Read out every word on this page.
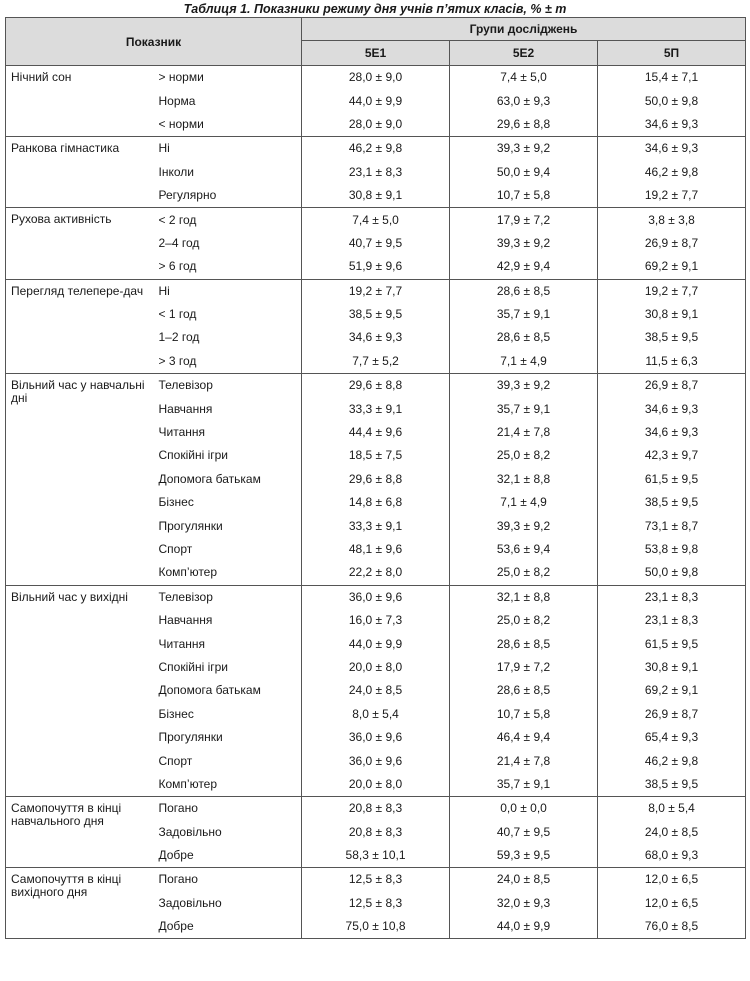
Таблиця 1. Показники режиму дня учнів п’ятих класів, % ± m
Показник		Групи досліджень		
		5Е1	5Е2	5П
Нічний сон	> норми	28,0 ± 9,0	7,4 ± 5,0	15,4 ± 7,1
	Норма	44,0 ± 9,9	63,0 ± 9,3	50,0 ± 9,8
	< норми	28,0 ± 9,0	29,6 ± 8,8	34,6 ± 9,3
Ранкова гімнастика	Ні	46,2 ± 9,8	39,3 ± 9,2	34,6 ± 9,3
	Інколи	23,1 ± 8,3	50,0 ± 9,4	46,2 ± 9,8
	Регулярно	30,8 ± 9,1	10,7 ± 5,8	19,2 ± 7,7
Рухова активність	< 2 год	7,4 ± 5,0	17,9 ± 7,2	3,8 ± 3,8
	2–4 год	40,7 ± 9,5	39,3 ± 9,2	26,9 ± 8,7
	> 6 год	51,9 ± 9,6	42,9 ± 9,4	69,2 ± 9,1
Перегляд телепере-дач	Ні	19,2 ± 7,7	28,6 ± 8,5	19,2 ± 7,7
	< 1 год	38,5 ± 9,5	35,7 ± 9,1	30,8 ± 9,1
	1–2 год	34,6 ± 9,3	28,6 ± 8,5	38,5 ± 9,5
	> 3 год	7,7 ± 5,2	7,1 ± 4,9	11,5 ± 6,3
Вільний час у навчальні дні	Телевізор	29,6 ± 8,8	39,3 ± 9,2	26,9 ± 8,7
	Навчання	33,3 ± 9,1	35,7 ± 9,1	34,6 ± 9,3
	Читання	44,4 ± 9,6	21,4 ± 7,8	34,6 ± 9,3
	Спокійні ігри	18,5 ± 7,5	25,0 ± 8,2	42,3 ± 9,7
	Допомога батькам	29,6 ± 8,8	32,1 ± 8,8	61,5 ± 9,5
	Бізнес	14,8 ± 6,8	7,1 ± 4,9	38,5 ± 9,5
	Прогулянки	33,3 ± 9,1	39,3 ± 9,2	73,1 ± 8,7
	Спорт	48,1 ± 9,6	53,6 ± 9,4	53,8 ± 9,8
	Комп’ютер	22,2 ± 8,0	25,0 ± 8,2	50,0 ± 9,8
Вільний час у вихідні	Телевізор	36,0 ± 9,6	32,1 ± 8,8	23,1 ± 8,3
	Навчання	16,0 ± 7,3	25,0 ± 8,2	23,1 ± 8,3
	Читання	44,0 ± 9,9	28,6 ± 8,5	61,5 ± 9,5
	Спокійні ігри	20,0 ± 8,0	17,9 ± 7,2	30,8 ± 9,1
	Допомога батькам	24,0 ± 8,5	28,6 ± 8,5	69,2 ± 9,1
	Бізнес	8,0 ± 5,4	10,7 ± 5,8	26,9 ± 8,7
	Прогулянки	36,0 ± 9,6	46,4 ± 9,4	65,4 ± 9,3
	Спорт	36,0 ± 9,6	21,4 ± 7,8	46,2 ± 9,8
	Комп’ютер	20,0 ± 8,0	35,7 ± 9,1	38,5 ± 9,5
Самопочуття в кінці навчального дня	Погано	20,8 ± 8,3	0,0 ± 0,0	8,0 ± 5,4
	Задовільно	20,8 ± 8,3	40,7 ± 9,5	24,0 ± 8,5
	Добре	58,3 ± 10,1	59,3 ± 9,5	68,0 ± 9,3
Самопочуття в кінці вихідного дня	Погано	12,5 ± 8,3	24,0 ± 8,5	12,0 ± 6,5
	Задовільно	12,5 ± 8,3	32,0 ± 9,3	12,0 ± 6,5
	Добре	75,0 ± 10,8	44,0 ± 9,9	76,0 ± 8,5
